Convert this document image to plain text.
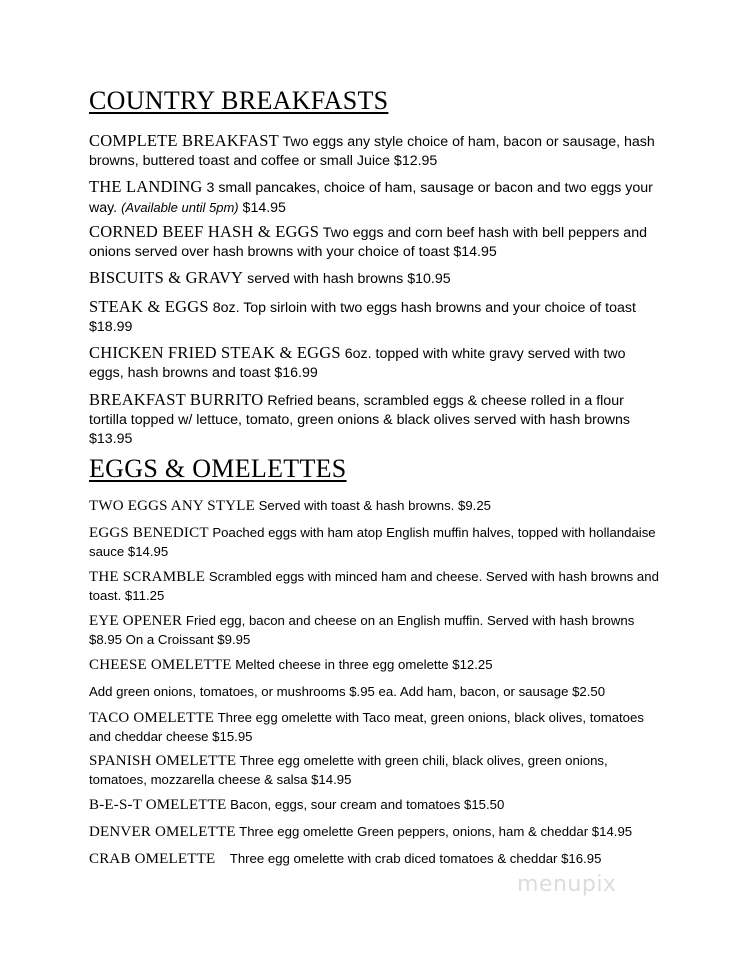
COUNTRY BREAKFASTS
COMPLETE BREAKFAST Two eggs any style choice of ham, bacon or sausage, hash browns, buttered toast and coffee or small Juice $12.95
THE LANDING 3 small pancakes, choice of ham, sausage or bacon and two eggs your way. (Available until 5pm) $14.95
CORNED BEEF HASH & EGGS Two eggs and corn beef hash with bell peppers and onions served over hash browns with your choice of toast $14.95
BISCUITS & GRAVY served with hash browns $10.95
STEAK & EGGS 8oz. Top sirloin with two eggs hash browns and your choice of toast $18.99
CHICKEN FRIED STEAK & EGGS 6oz. topped with white gravy served with two eggs, hash browns and toast $16.99
BREAKFAST BURRITO Refried beans, scrambled eggs & cheese rolled in a flour tortilla topped w/ lettuce, tomato, green onions & black olives served with hash browns $13.95
EGGS & OMELETTES
TWO EGGS ANY STYLE Served with toast & hash browns. $9.25
EGGS BENEDICT Poached eggs with ham atop English muffin halves, topped with hollandaise sauce $14.95
THE SCRAMBLE Scrambled eggs with minced ham and cheese. Served with hash browns and toast. $11.25
EYE OPENER Fried egg, bacon and cheese on an English muffin. Served with hash browns $8.95 On a Croissant $9.95
CHEESE OMELETTE Melted cheese in three egg omelette $12.25
Add green onions, tomatoes, or mushrooms $.95 ea. Add ham, bacon, or sausage $2.50
TACO OMELETTE Three egg omelette with Taco meat, green onions, black olives, tomatoes and cheddar cheese $15.95
SPANISH OMELETTE Three egg omelette with green chili, black olives, green onions, tomatoes, mozzarella cheese & salsa $14.95
B-E-S-T OMELETTE Bacon, eggs, sour cream and tomatoes $15.50
DENVER OMELETTE Three egg omelette Green peppers, onions, ham & cheddar $14.95
CRAB OMELETTE    Three egg omelette with crab diced tomatoes & cheddar $16.95
menupix
